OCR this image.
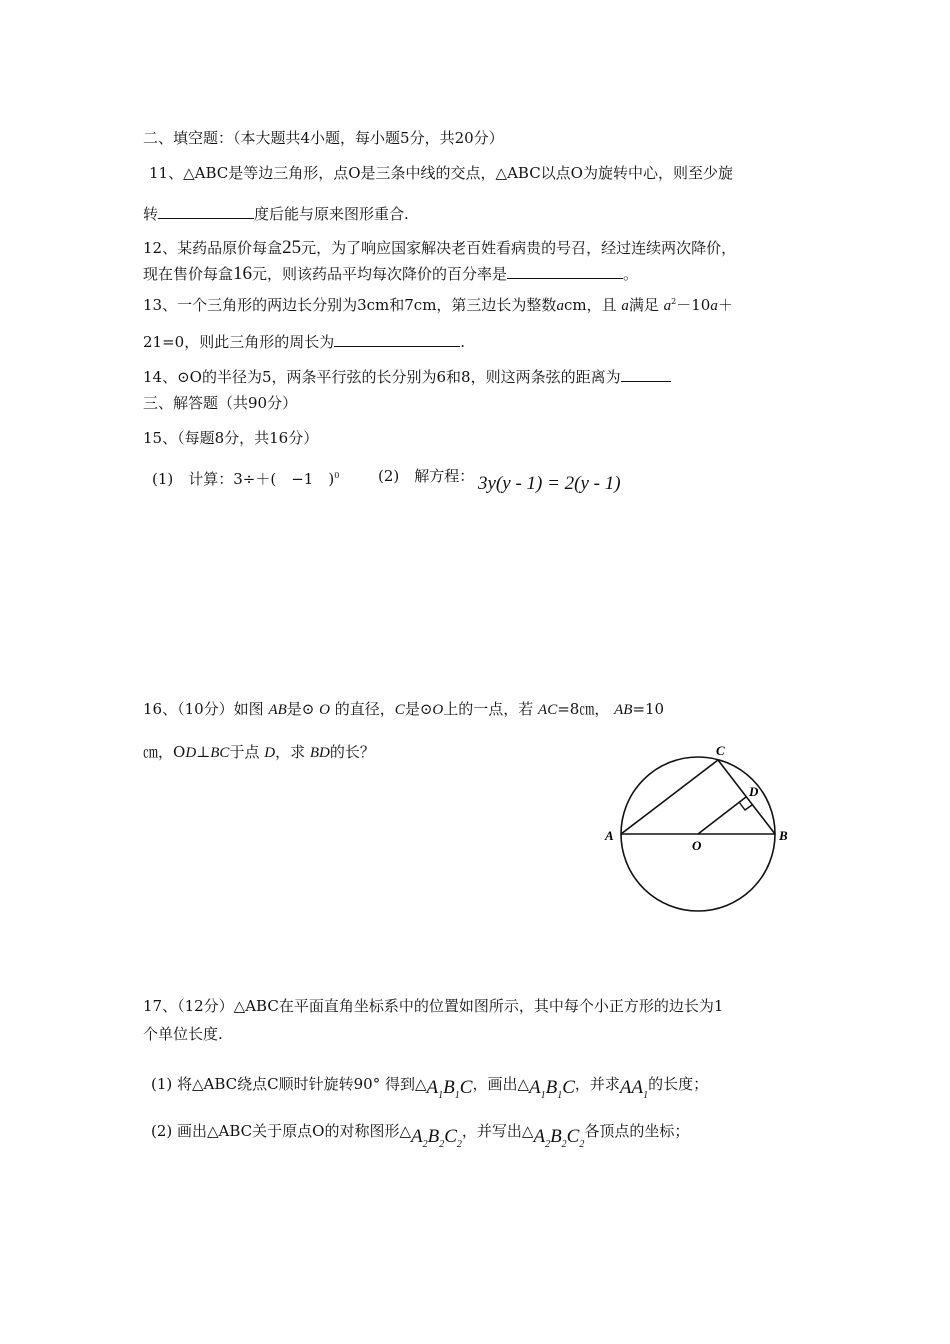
二、填空题：（本大题共4小题，每小题5分，共20分）
11、△ABC是等边三角形，点O是三条中线的交点，△ABC以点O为旋转中心，则至少旋
转	度后能与原来图形重合.
12、某药品原价每盒25元，为了响应国家解决老百姓看病贵的号召，经过连续两次降价，
现在售价每盒16元，则该药品平均每次降价的百分率是	。
13、一个三角形的两边长分别为3cm和7cm，第三边长为整数acm，且 a满足 $a^2-10a+$
21=0，则此三角形的周长为	.
14、⊙O的半径为5，两条平行弦的长分别为6和8，则这两条弦的距离为
三、解答题（共90分）
15、（每题8分，共16分）
(1)　计算：3÷＋(　−1　)$^0$	(2)　解方程： 3y(y - 1) = 2(y - 1)
16、（10分）如图 AB是⊙ O 的直径，C是⊙O上的一点，若 AC=8㎝， AB=10
㎝，OD⊥BC于点 D，求 BD的长？	C
D
A	B
O
17、（12分）△ABC在平面直角坐标系中的位置如图所示，其中每个小正方形的边长为1
个单位长度.
(1) 将△ABC绕点C顺时针旋转90° 得到$\triangle A_1B_1C$，画出$\triangle A_1B_1C$，并求$AA_1$的长度；
(2) 画出△ABC关于原点O的对称图形$\triangle A_2B_2C_2$，并写出$\triangle A_2B_2C_2$各顶点的坐标；
